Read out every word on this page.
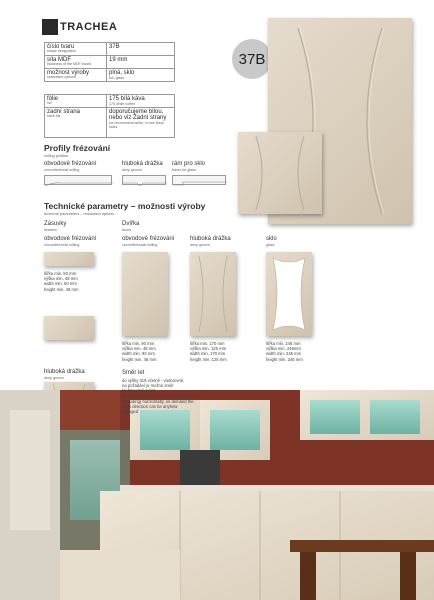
TRACHEA
číslo tvaru
shape designation	37B
síla MDF
thickness of the MDF board	19 mm
možnost výroby
realization options	plná, sklo
full, glass
fólie
foil	175 bílá káva
175 white coffee

zadní strana
back foil	doporučujeme bílou, nebo viz Zadní strany
we recommend white, or see Back sides
37B
Profily frézování
milling profiles
obvodové frézování
circumferencial milling
hluboká drážka
deep groove
rám pro sklo
frame for glass
Technické parametry – možnosti výroby
technical parameters – realization options
Zásuvky
drawers
obvodové frézování
circumferencial milling
šířka min. 50 mm
výška min. 48 mm
width min. 50 mm
height min. 48 mm
Dvířka
doors
obvodové frézování
circumferencial milling
šířka min. 90 mm
výška min. 48 mm
width min. 90 mm
height min. 48 mm
hluboká drážka
deep groove
šířka min. 170 mm
výška min. 125 mm
width min. 170 mm
height min. 125 mm
sklo
glass
šířka min. 246 mm
výška min. 246mm
width min. 246 mm
height min. 246 mm
hluboká drážka
deep groove
Směr let
do výšky 319 včetně - vodorovně,
na požádání je možno směr
let libovolně měnit
direction of rings: up to the height 319 mm
(including) horizontally, on demand the
rings direction can be anyhow
changed
